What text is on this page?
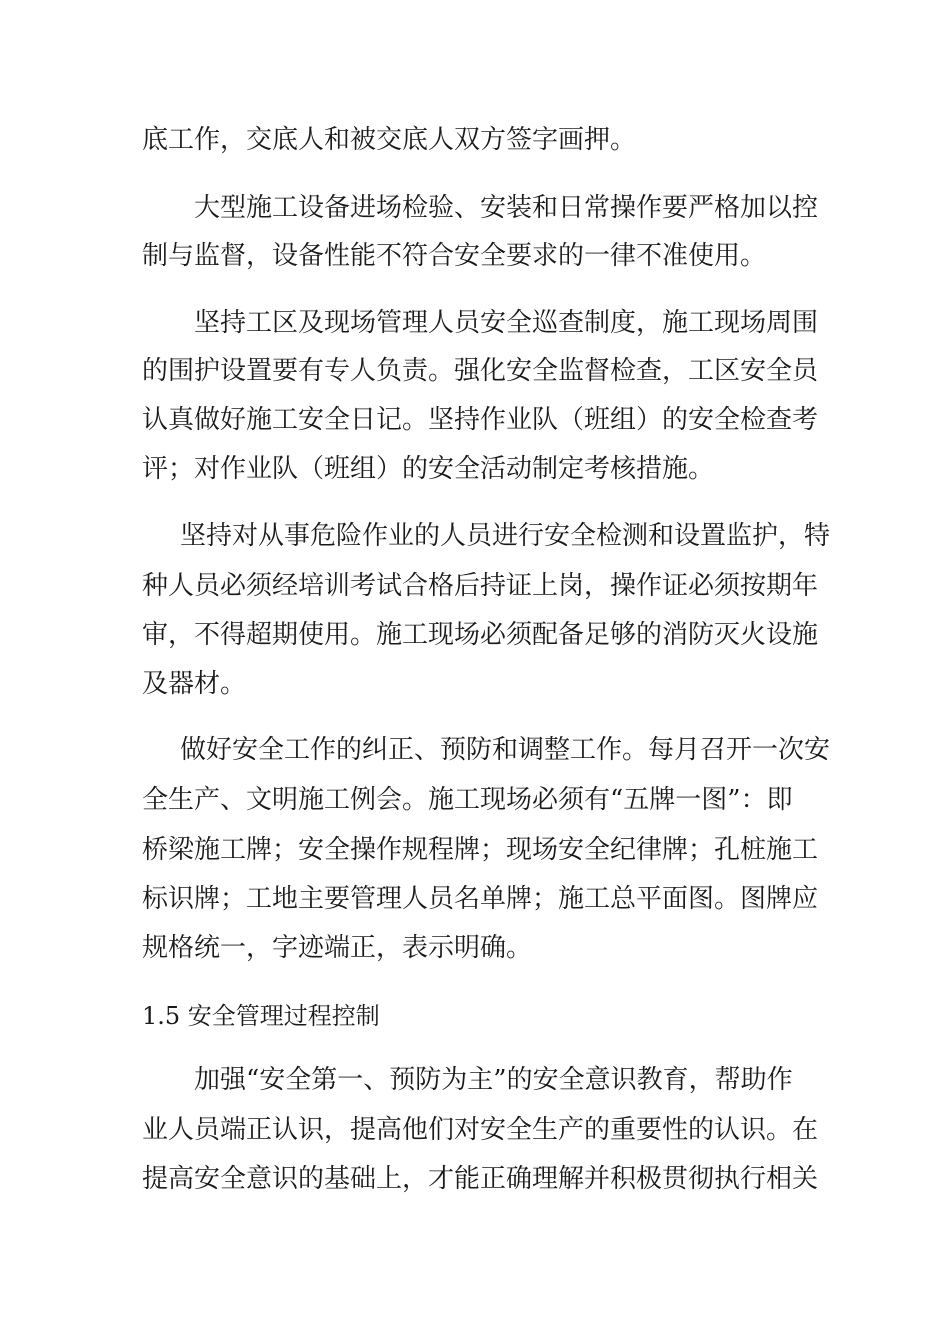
底工作，交底人和被交底人双方签字画押。
大型施工设备进场检验、安装和日常操作要严格加以控
制与监督，设备性能不符合安全要求的一律不准使用。
坚持工区及现场管理人员安全巡查制度，施工现场周围
的围护设置要有专人负责。强化安全监督检查，工区安全员
认真做好施工安全日记。坚持作业队（班组）的安全检查考
评；对作业队（班组）的安全活动制定考核措施。
坚持对从事危险作业的人员进行安全检测和设置监护，特
种人员必须经培训考试合格后持证上岗，操作证必须按期年
审，不得超期使用。施工现场必须配备足够的消防灭火设施
及器材。
做好安全工作的纠正、预防和调整工作。每月召开一次安
全生产、文明施工例会。施工现场必须有“五牌一图”：即
桥梁施工牌；安全操作规程牌；现场安全纪律牌；孔桩施工
标识牌；工地主要管理人员名单牌；施工总平面图。图牌应
规格统一，字迹端正，表示明确。
1.5 安全管理过程控制
加强“安全第一、预防为主”的安全意识教育，帮助作
业人员端正认识，提高他们对安全生产的重要性的认识。在
提高安全意识的基础上，才能正确理解并积极贯彻执行相关
